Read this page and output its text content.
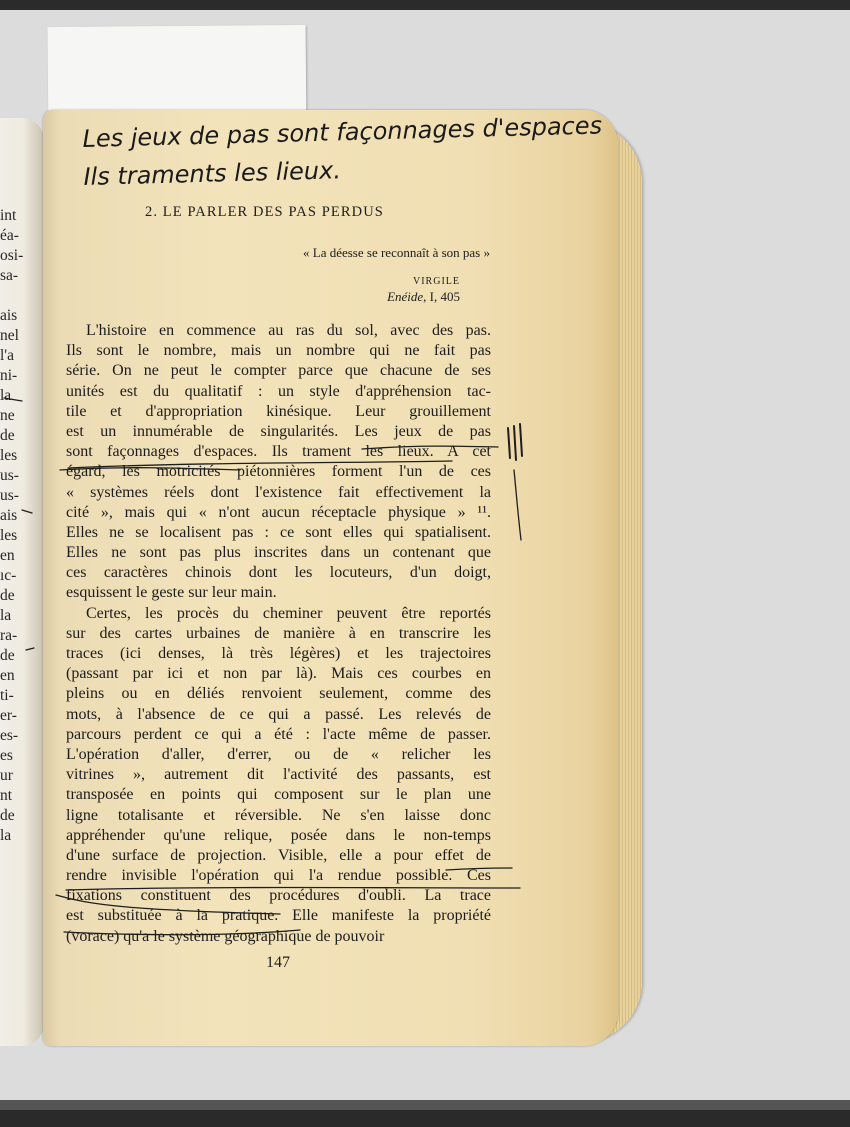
int
éa-
osi-
sa-
ais
nel
l'a
ni-
la
ne
de
les
us-
us-
ais
les
en
ıc-
de
la
ra-
de
en
ti-
er-
es-
es
ur
nt
de
la
Les jeux de pas sont façonnages d'espaces
Ils traments les lieux.
2. LE PARLER DES PAS PERDUS
« La déesse se reconnaît à son pas »
VIRGILE
Enéide, I, 405
L'histoire en commence au ras du sol, avec des pas.
Ils sont le nombre, mais un nombre qui ne fait pas
série. On ne peut le compter parce que chacune de ses
unités est du qualitatif : un style d'appréhension tac-
tile et d'appropriation kinésique. Leur grouillement
est un innumérable de singularités. Les jeux de pas
sont façonnages d'espaces. Ils trament les lieux. A cet
égard, les motricités piétonnières forment l'un de ces
« systèmes réels dont l'existence fait effectivement la
cité », mais qui « n'ont aucun réceptacle physique » ¹¹.
Elles ne se localisent pas : ce sont elles qui spatialisent.
Elles ne sont pas plus inscrites dans un contenant que
ces caractères chinois dont les locuteurs, d'un doigt,
esquissent le geste sur leur main.
Certes, les procès du cheminer peuvent être reportés
sur des cartes urbaines de manière à en transcrire les
traces (ici denses, là très légères) et les trajectoires
(passant par ici et non par là). Mais ces courbes en
pleins ou en déliés renvoient seulement, comme des
mots, à l'absence de ce qui a passé. Les relevés de
parcours perdent ce qui a été : l'acte même de passer.
L'opération d'aller, d'errer, ou de « relicher les
vitrines », autrement dit l'activité des passants, est
transposée en points qui composent sur le plan une
ligne totalisante et réversible. Ne s'en laisse donc
appréhender qu'une relique, posée dans le non-temps
d'une surface de projection. Visible, elle a pour effet de
rendre invisible l'opération qui l'a rendue possible. Ces
fixations constituent des procédures d'oubli. La trace
est substituée à la pratique. Elle manifeste la propriété
(vorace) qu'a le système géographique de pouvoir
147
